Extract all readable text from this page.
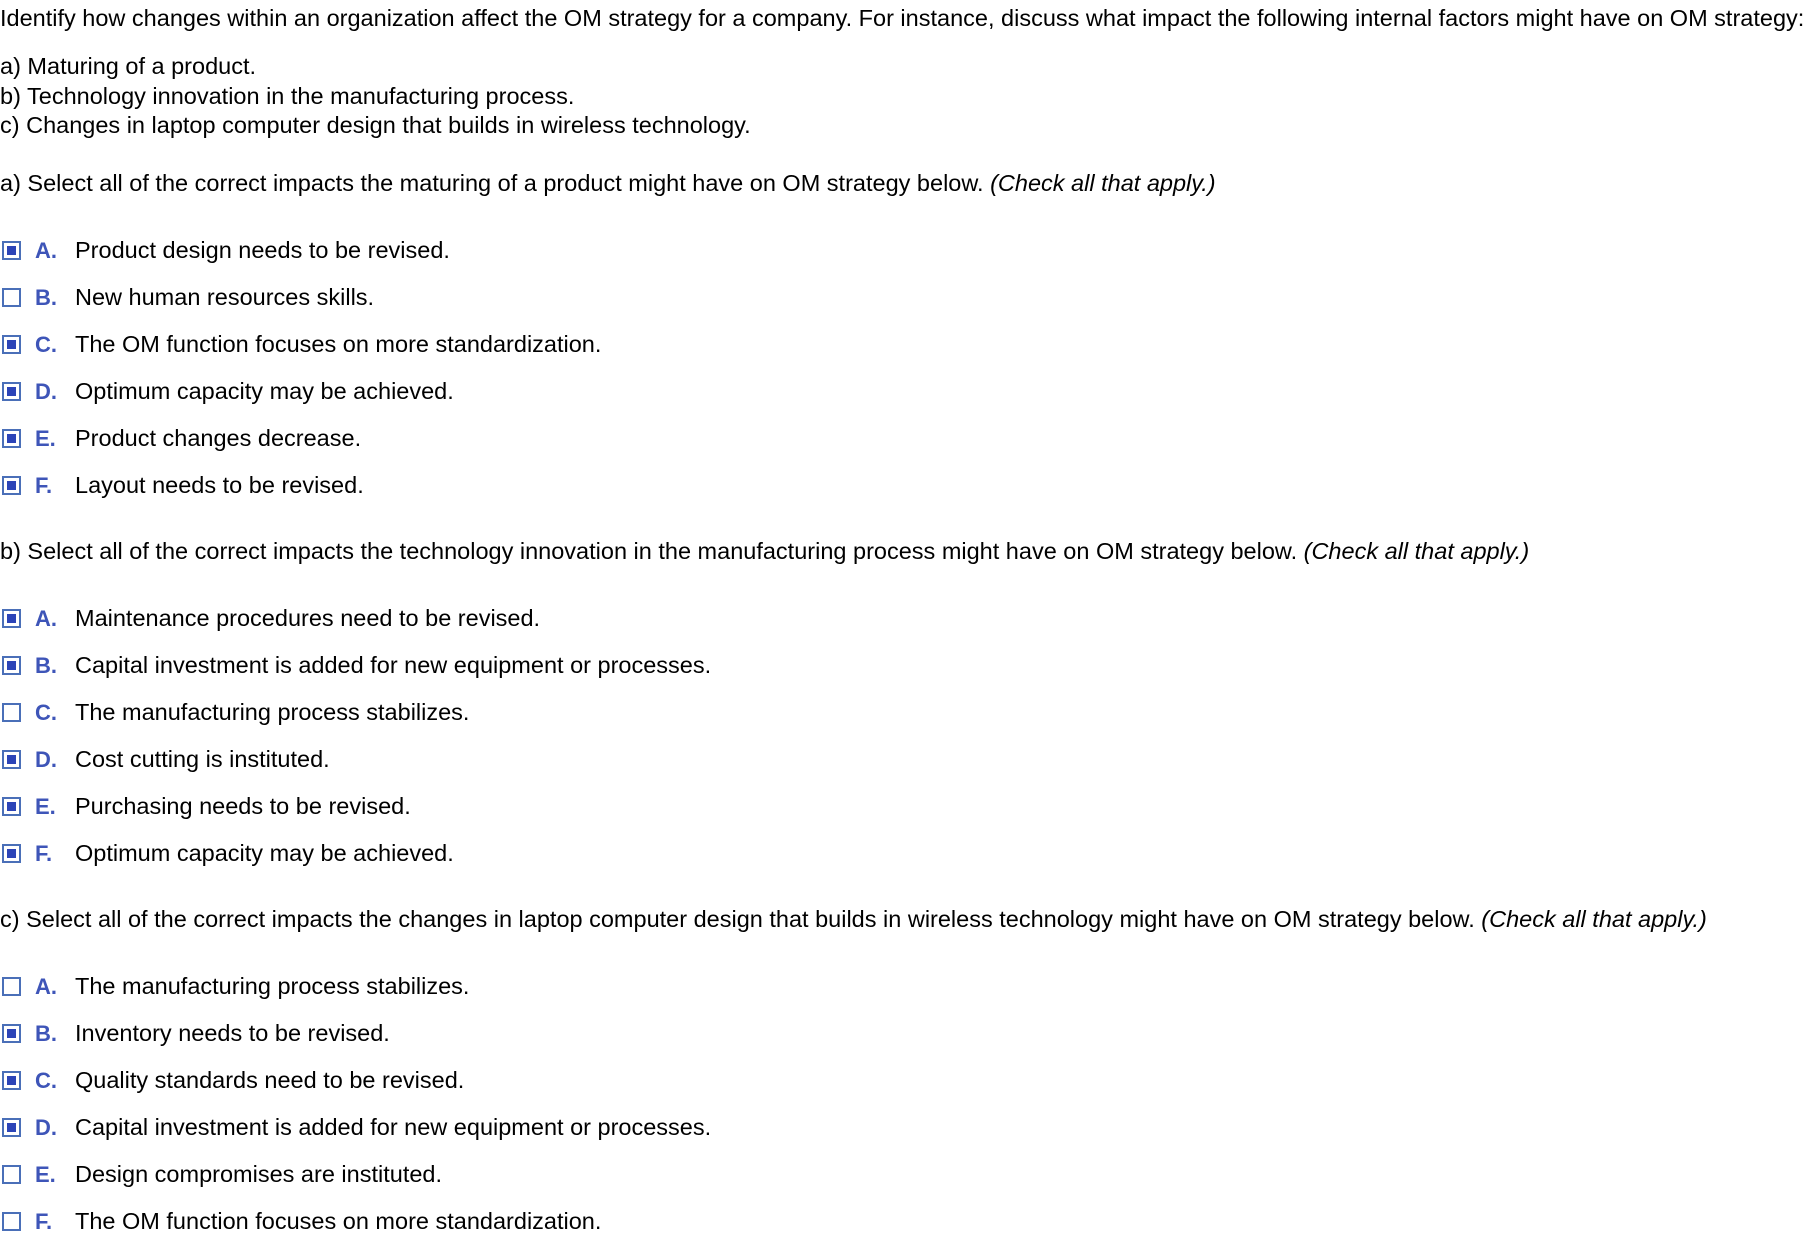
Identify how changes within an organization affect the OM strategy for a company. For instance, discuss what impact the following internal factors might have on OM strategy:
a) Maturing of a product.
b) Technology innovation in the manufacturing process.
c) Changes in laptop computer design that builds in wireless technology.
a) Select all of the correct impacts the maturing of a product might have on OM strategy below. (Check all that apply.)
A. Product design needs to be revised.
B. New human resources skills.
C. The OM function focuses on more standardization.
D. Optimum capacity may be achieved.
E. Product changes decrease.
F. Layout needs to be revised.
b) Select all of the correct impacts the technology innovation in the manufacturing process might have on OM strategy below. (Check all that apply.)
A. Maintenance procedures need to be revised.
B. Capital investment is added for new equipment or processes.
C. The manufacturing process stabilizes.
D. Cost cutting is instituted.
E. Purchasing needs to be revised.
F. Optimum capacity may be achieved.
c) Select all of the correct impacts the changes in laptop computer design that builds in wireless technology might have on OM strategy below. (Check all that apply.)
A. The manufacturing process stabilizes.
B. Inventory needs to be revised.
C. Quality standards need to be revised.
D. Capital investment is added for new equipment or processes.
E. Design compromises are instituted.
F. The OM function focuses on more standardization.
